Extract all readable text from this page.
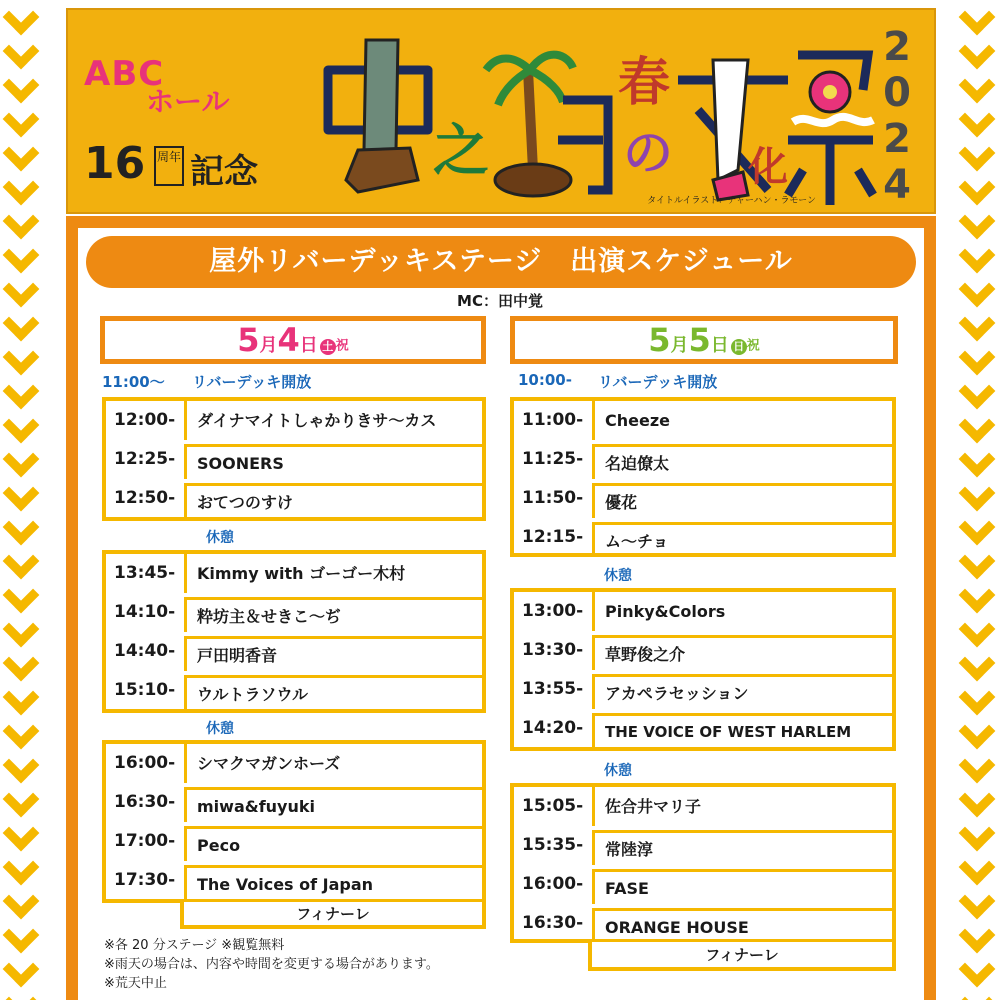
ABC
ホール
16 周年 記念	之
春
の 化
2
0
2
4
タイトルイラスト：チャーハン・ラモーン
屋外リバーデッキステージ　出演スケジュール
MC：田中覚
5月4日 土 祝	5月5日 日 祝
11:00〜 リバーデッキ開放
12:00-	ダイナマイトしゃかりきサ〜カス
12:25-	SOONERS
12:50-	おてつのすけ
休憩
13:45-	Kimmy with ゴーゴー木村
14:10-	粋坊主＆せきこ〜ぢ
14:40-	戸田明香音
15:10-	ウルトラソウル
休憩
16:00-	シマクマガンホーズ
16:30-	miwa&fuyuki
17:00-	Peco
17:30-	The Voices of Japan
フィナーレ
10:00- リバーデッキ開放
11:00-	Cheeze
11:25-	名迫僚太
11:50-	優花
12:15-	ム〜チョ
休憩
13:00-	Pinky&Colors
13:30-	草野俊之介
13:55-	アカペラセッション
14:20-	THE VOICE OF WEST HARLEM
休憩
15:05-	佐合井マリ子
15:35-	常陸淳
16:00-	FASE
16:30-	ORANGE HOUSE
フィナーレ
※各 20 分ステージ ※観覧無料
※雨天の場合は、内容や時間を変更する場合があります。
※荒天中止
